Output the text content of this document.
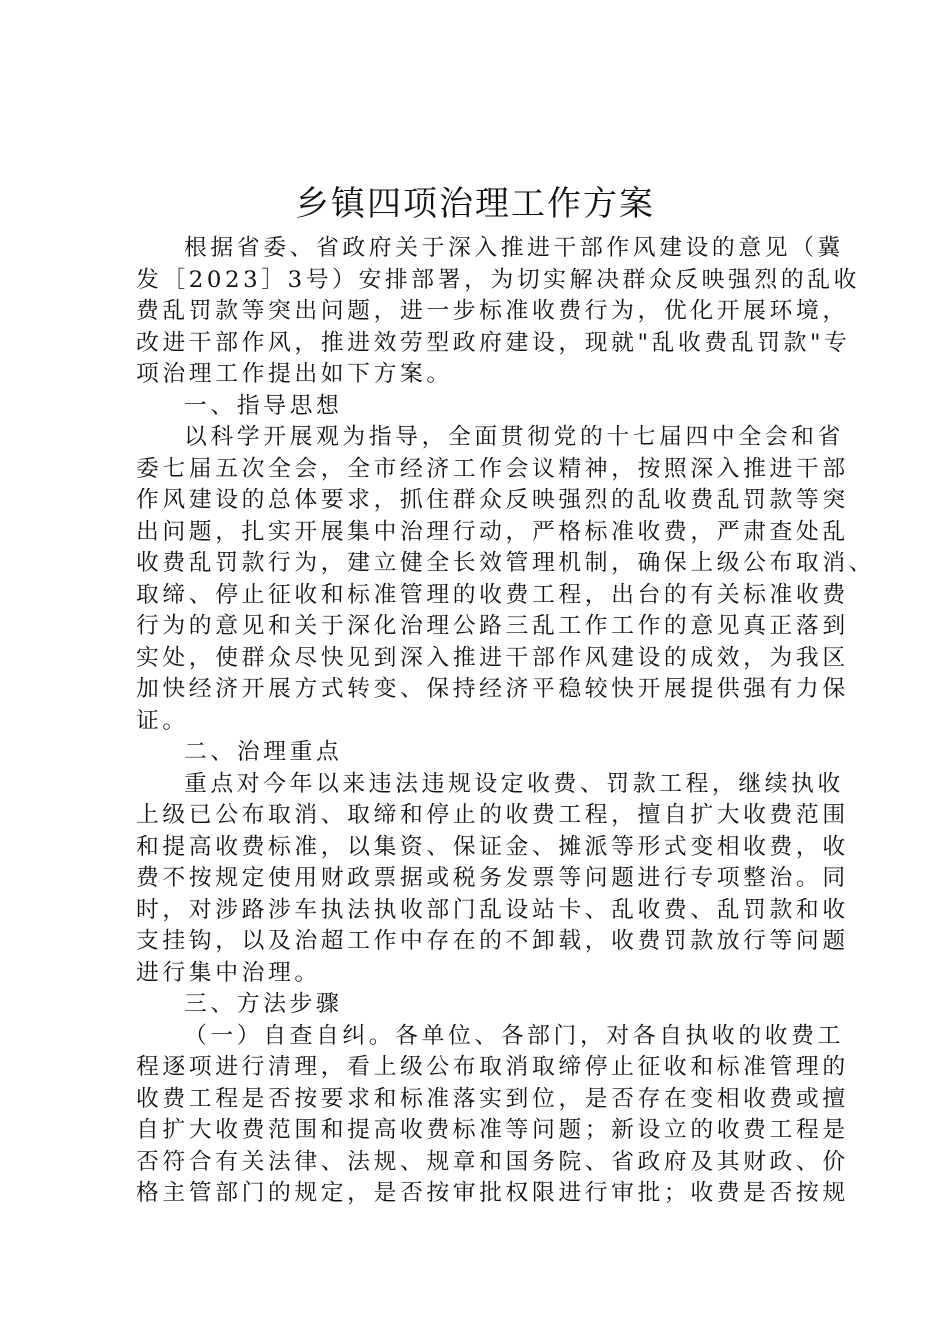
乡镇四项治理工作方案
根据省委、省政府关于深入推进干部作风建设的意见（冀
发［2023］3号）安排部署，为切实解决群众反映强烈的乱收
费乱罚款等突出问题，进一步标准收费行为，优化开展环境，
改进干部作风，推进效劳型政府建设，现就"乱收费乱罚款"专
项治理工作提出如下方案。
一、指导思想
以科学开展观为指导，全面贯彻党的十七届四中全会和省
委七届五次全会，全市经济工作会议精神，按照深入推进干部
作风建设的总体要求，抓住群众反映强烈的乱收费乱罚款等突
出问题，扎实开展集中治理行动，严格标准收费，严肃查处乱
收费乱罚款行为，建立健全长效管理机制，确保上级公布取消、
取缔、停止征收和标准管理的收费工程，出台的有关标准收费
行为的意见和关于深化治理公路三乱工作工作的意见真正落到
实处，使群众尽快见到深入推进干部作风建设的成效，为我区
加快经济开展方式转变、保持经济平稳较快开展提供强有力保
证。
二、治理重点
重点对今年以来违法违规设定收费、罚款工程，继续执收
上级已公布取消、取缔和停止的收费工程，擅自扩大收费范围
和提高收费标准，以集资、保证金、摊派等形式变相收费，收
费不按规定使用财政票据或税务发票等问题进行专项整治。同
时，对涉路涉车执法执收部门乱设站卡、乱收费、乱罚款和收
支挂钩，以及治超工作中存在的不卸载，收费罚款放行等问题
进行集中治理。
三、方法步骤
（一）自查自纠。各单位、各部门，对各自执收的收费工
程逐项进行清理，看上级公布取消取缔停止征收和标准管理的
收费工程是否按要求和标准落实到位，是否存在变相收费或擅
自扩大收费范围和提高收费标准等问题；新设立的收费工程是
否符合有关法律、法规、规章和国务院、省政府及其财政、价
格主管部门的规定，是否按审批权限进行审批；收费是否按规
